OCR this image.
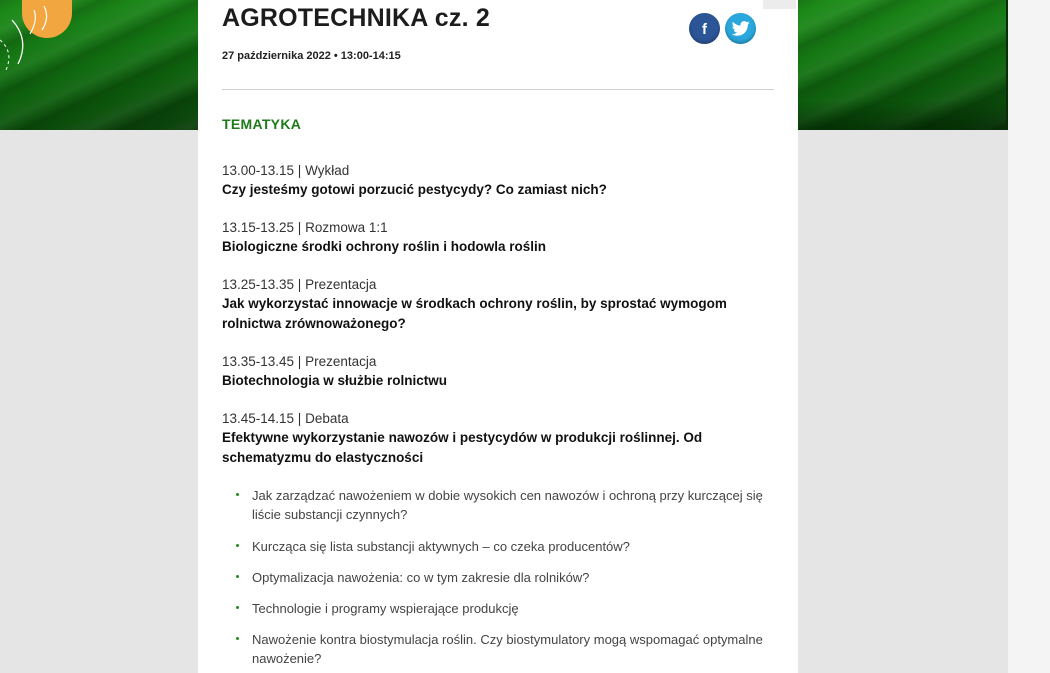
AGROTECHNIKA cz. 2
27 października 2022 • 13:00-14:15
f
TEMATYKA
13.00-13.15 | Wykład
Czy jesteśmy gotowi porzucić pestycydy? Co zamiast nich?
13.15-13.25 | Rozmowa 1:1
Biologiczne środki ochrony roślin i hodowla roślin
13.25-13.35 | Prezentacja
Jak wykorzystać innowacje w środkach ochrony roślin, by sprostać wymogom rolnictwa zrównoważonego?
13.35-13.45 | Prezentacja
Biotechnologia w służbie rolnictwu
13.45-14.15 | Debata
Efektywne wykorzystanie nawozów i pestycydów w produkcji roślinnej. Od schematyzmu do elastyczności
Jak zarządzać nawożeniem w dobie wysokich cen nawozów i ochroną przy kurczącej się liście substancji czynnych?
Kurcząca się lista substancji aktywnych – co czeka producentów?
Optymalizacja nawożenia: co w tym zakresie dla rolników?
Technologie i programy wspierające produkcję
Nawożenie kontra biostymulacja roślin. Czy biostymulatory mogą wspomagać optymalne nawożenie?
